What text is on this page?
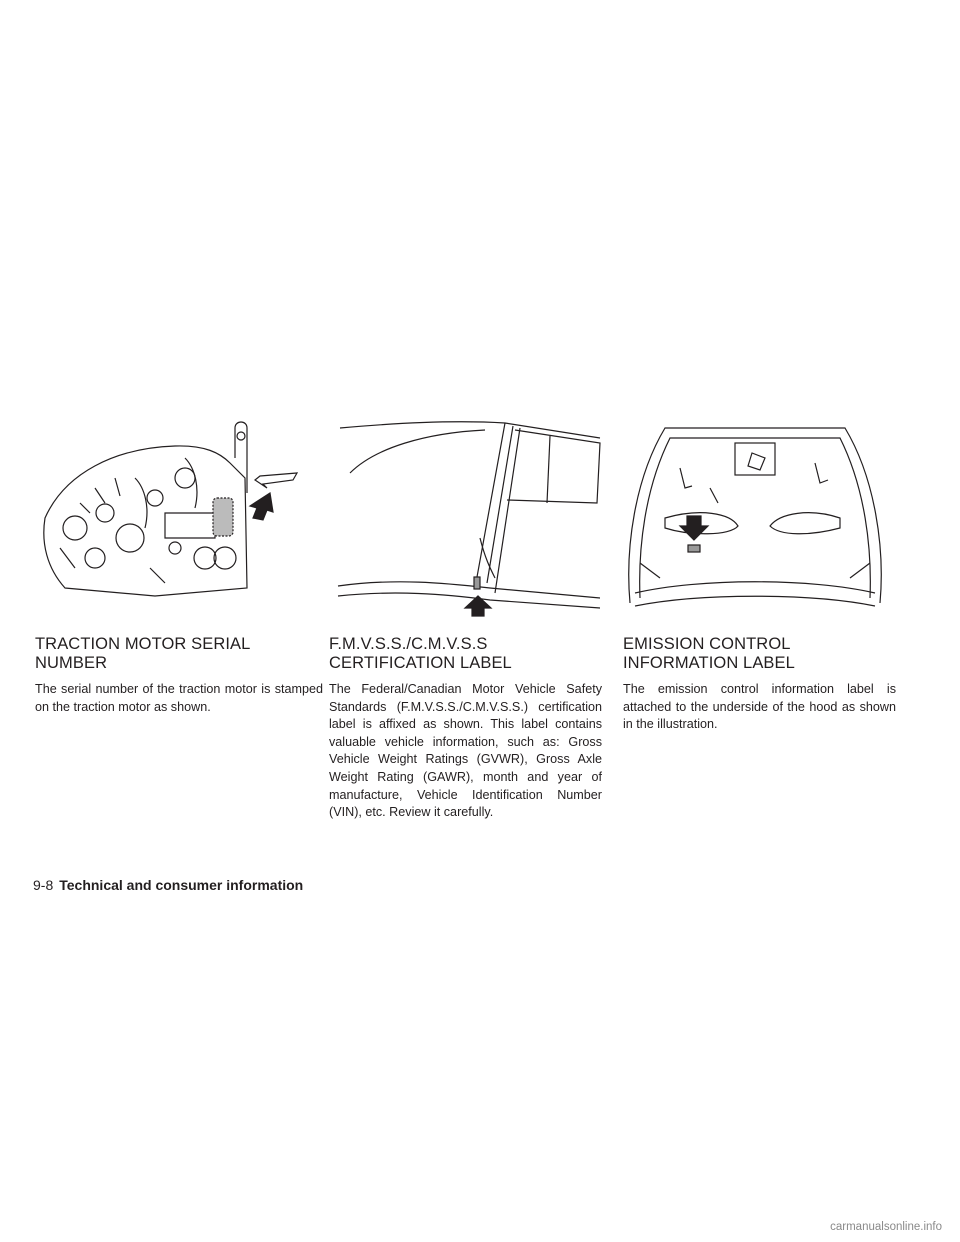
TRACTION MOTOR SERIAL NUMBER

The serial number of the traction motor is stamped on the traction motor as shown.

F.M.V.S.S./C.M.V.S.S CERTIFICATION LABEL

The Federal/Canadian Motor Vehicle Safety Standards (F.M.V.S.S./C.M.V.S.S.) certification label is affixed as shown. This label contains valuable vehicle information, such as: Gross Vehicle Weight Ratings (GVWR), Gross Axle Weight Rating (GAWR), month and year of manufacture, Vehicle Identification Number (VIN), etc. Review it carefully.

EMISSION CONTROL INFORMATION LABEL

The emission control information label is attached to the underside of the hood as shown in the illustration.

9-8 Technical and consumer information
carmanualsonline.info
